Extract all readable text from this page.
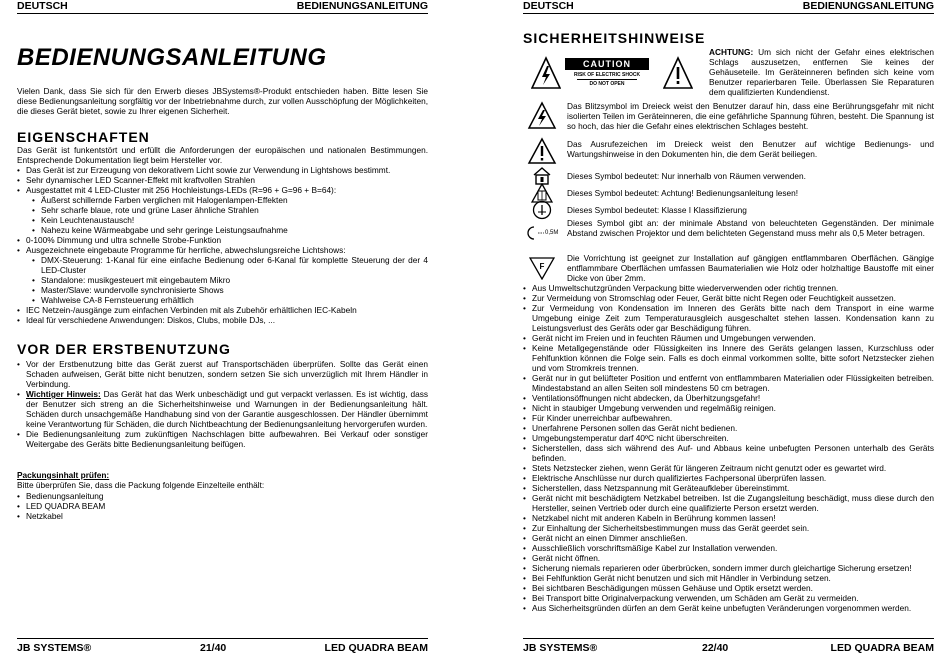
DEUTSCH	BEDIENUNGSANLEITUNG
BEDIENUNGSANLEITUNG

Vielen Dank, dass Sie sich für den Erwerb dieses JBSystems®-Produkt entschieden haben. Bitte lesen Sie diese Bedienungsanleitung sorgfältig vor der Inbetriebnahme durch, zur vollen Ausschöpfung der Möglichkeiten, die dieses Gerät bietet, sowie zu Ihrer eigenen Sicherheit.

EIGENSCHAFTEN

Das Gerät ist funkentstört und erfüllt die Anforderungen der europäischen und nationalen Bestimmungen. Entsprechende Dokumentation liegt beim Hersteller vor.

• Das Gerät ist zur Erzeugung von dekorativem Licht sowie zur Verwendung in Lightshows bestimmt.
• Sehr dynamischer LED Scanner-Effekt mit kraftvollen Strahlen
• Ausgestattet mit 4 LED-Cluster mit 256 Hochleistungs-LEDs (R=96 + G=96 + B=64):
• Äußerst schillernde Farben verglichen mit Halogenlampen-Effekten
• Sehr scharfe blaue, rote und grüne Laser ähnliche Strahlen
• Kein Leuchtenaustausch!
• Nahezu keine Wärmeabgabe und sehr geringe Leistungsaufnahme
• 0-100% Dimmung und ultra schnelle Strobe-Funktion
• Ausgezeichnete eingebaute Programme für herrliche, abwechslungsreiche Lichtshows:
• DMX-Steuerung: 1-Kanal für eine einfache Bedienung oder 6-Kanal für komplette Steuerung der der 4 LED-Cluster
• Standalone: musikgesteuert mit eingebautem Mikro
• Master/Slave: wundervolle synchronisierte Shows
• Wahlweise CA-8 Fernsteuerung erhältlich
• IEC Netzein-/ausgänge zum einfachen Verbinden mit als Zubehör erhältlichen IEC-Kabeln
• Ideal für verschiedene Anwendungen: Diskos, Clubs, mobile DJs, ...
VOR DER ERSTBENUTZUNG
• Vor der Erstbenutzung bitte das Gerät zuerst auf Transportschäden überprüfen. Sollte das Gerät einen Schaden aufweisen, Gerät bitte nicht benutzen, sondern setzen Sie sich unverzüglich mit Ihrem Händler in Verbindung.
• Wichtiger Hinweis: Das Gerät hat das Werk unbeschädigt und gut verpackt verlassen. Es ist wichtig, dass der Benutzer sich streng an die Sicherheitshinweise und Warnungen in der Bedienungsanleitung hält. Schäden durch unsachgemäße Handhabung sind von der Garantie ausgeschlossen. Der Händler übernimmt keine Verantwortung für Schäden, die durch Nichtbeachtung der Bedienungsanleitung hervorgerufen wurden.
• Die Bedienungsanleitung zum zukünftigen Nachschlagen bitte aufbewahren. Bei Verkauf oder sonstiger Weitergabe des Geräts bitte Bedienungsanleitung beifügen.
Packungsinhalt prüfen:

Bitte überprüfen Sie, dass die Packung folgende Einzelteile enthält:

• Bedienungsanleitung
• LED QUADRA BEAM
• Netzkabel
JB SYSTEMS®	21/40	LED QUADRA BEAM
DEUTSCH	BEDIENUNGSANLEITUNG
SICHERHEITSHINWEISE
CAUTION
RISK OF ELECTRIC SHOCK
DO NOT OPEN

ACHTUNG: Um sich nicht der Gefahr eines elektrischen Schlags auszusetzen, entfernen Sie keines der Gehäuseteile. Im Geräteinneren befinden sich keine vom Benutzer reparierbaren Teile. Überlassen Sie Reparaturen dem qualifizierten Kundendienst.

Das Blitzsymbol im Dreieck weist den Benutzer darauf hin, dass eine Berührungsgefahr mit nicht isolierten Teilen im Geräteinneren, die eine gefährliche Spannung führen, besteht. Die Spannung ist so hoch, das hier die Gefahr eines elektrischen Schlages besteht.

Das Ausrufezeichen im Dreieck weist den Benutzer auf wichtige Bedienungs- und Wartungshinweise in den Dokumenten hin, die dem Gerät beiliegen.

Dieses Symbol bedeutet: Nur innerhalb von Räumen verwenden.

Dieses Symbol bedeutet: Achtung! Bedienungsanleitung lesen!

Dieses Symbol bedeutet: Klasse I Klassifizierung

0,5M

Dieses Symbol gibt an: der minimale Abstand von beleuchteten Gegenständen. Der minimale Abstand zwischen Projektor und dem belichteten Gegenstand muss mehr als 0,5 Meter betragen.

F

Die Vorrichtung ist geeignet zur Installation auf gängigen entflammbaren Oberflächen. Gängige entflammbare Oberflächen umfassen Baumaterialien wie Holz oder holzhaltige Baustoffe mit einer Dicke von über 2mm.

• Aus Umweltschutzgründen Verpackung bitte wiederverwenden oder richtig trennen.
• Zur Vermeidung von Stromschlag oder Feuer, Gerät bitte nicht Regen oder Feuchtigkeit aussetzen.
• Zur Vermeidung von Kondensation im Inneren des Geräts bitte nach dem Transport in eine warme Umgebung einige Zeit zum Temperaturausgleich ausgeschaltet stehen lassen. Kondensation kann zu Leistungsverlust des Geräts oder gar Beschädigung führen.
• Gerät nicht im Freien und in feuchten Räumen und Umgebungen verwenden.
• Keine Metallgegenstände oder Flüssigkeiten ins Innere des Geräts gelangen lassen, Kurzschluss oder Fehlfunktion können die Folge sein. Falls es doch einmal vorkommen sollte, bitte sofort Netzstecker ziehen und vom Stromkreis trennen.
• Gerät nur in gut belüfteter Position und entfernt von entflammbaren Materialien oder Flüssigkeiten betreiben. Mindestabstand an allen Seiten soll mindestens 50 cm betragen.
• Ventilationsöffnungen nicht abdecken, da Überhitzungsgefahr!
• Nicht in staubiger Umgebung verwenden und regelmäßig reinigen.
• Für Kinder unerreichbar aufbewahren.
• Unerfahrene Personen sollen das Gerät nicht bedienen.
• Umgebungstemperatur darf 40ºC nicht überschreiten.
• Sicherstellen, dass sich während des Auf- und Abbaus keine unbefugten Personen unterhalb des Geräts befinden.
• Stets Netzstecker ziehen, wenn Gerät für längeren Zeitraum nicht genutzt oder es gewartet wird.
• Elektrische Anschlüsse nur durch qualifiziertes Fachpersonal überprüfen lassen.
• Sicherstellen, dass Netzspannung mit Geräteaufkleber übereinstimmt.
• Gerät nicht mit beschädigtem Netzkabel betreiben. Ist die Zugangsleitung beschädigt, muss diese durch den Hersteller, seinen Vertrieb oder durch eine qualifizierte Person ersetzt werden.
• Netzkabel nicht mit anderen Kabeln in Berührung kommen lassen!
• Zur Einhaltung der Sicherheitsbestimmungen muss das Gerät geerdet sein.
• Gerät nicht an einen Dimmer anschließen.
• Ausschließlich vorschriftsmäßige Kabel zur Installation verwenden.
• Gerät nicht öffnen.
• Sicherung niemals reparieren oder überbrücken, sondern immer durch gleichartige Sicherung ersetzen!
• Bei Fehlfunktion Gerät nicht benutzen und sich mit Händler in Verbindung setzen.
• Bei sichtbaren Beschädigungen müssen Gehäuse und Optik ersetzt werden.
• Bei Transport bitte Originalverpackung verwenden, um Schäden am Gerät zu vermeiden.
• Aus Sicherheitsgründen dürfen an dem Gerät keine unbefugten Veränderungen vorgenommen werden.
JB SYSTEMS®	22/40	LED QUADRA BEAM
